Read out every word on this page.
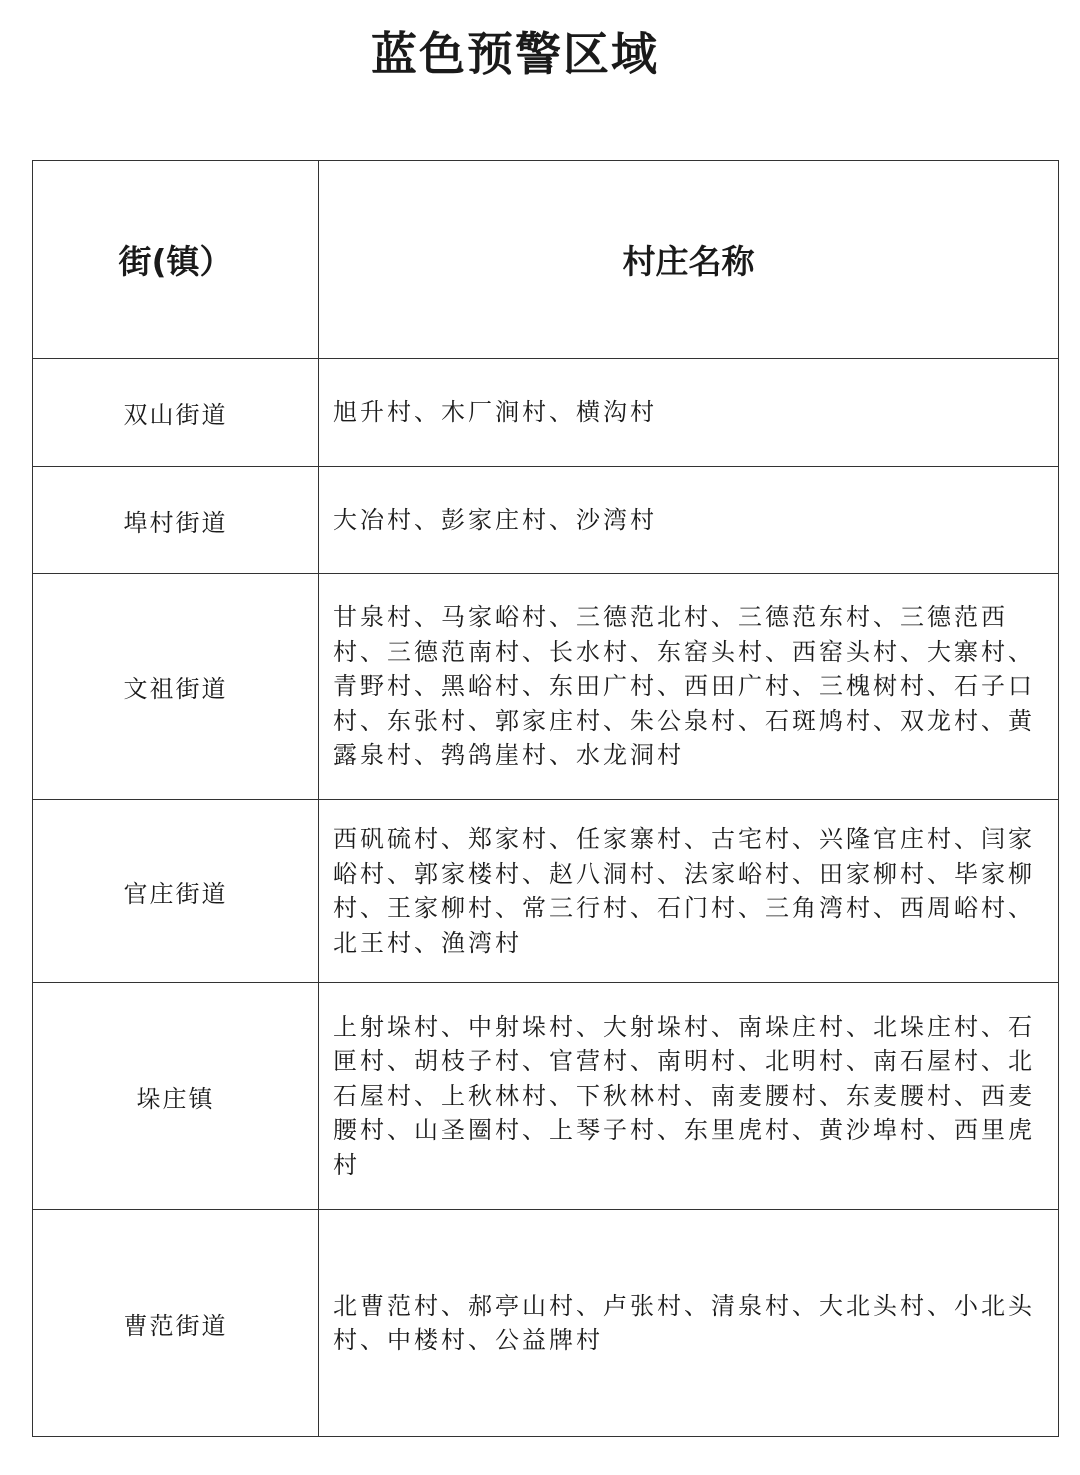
蓝色预警区域
街(镇）	村庄名称
双山街道	旭升村、木厂涧村、横沟村
埠村街道	大冶村、彭家庄村、沙湾村
文祖街道	甘泉村、马家峪村、三德范北村、三德范东村、三德范西村、三德范南村、长水村、东窑头村、西窑头村、大寨村、青野村、黑峪村、东田广村、西田广村、三槐树村、石子口村、东张村、郭家庄村、朱公泉村、石斑鸠村、双龙村、黄露泉村、鹁鸽崖村、水龙洞村
官庄街道	西矾硫村、郑家村、任家寨村、古宅村、兴隆官庄村、闫家峪村、郭家楼村、赵八洞村、法家峪村、田家柳村、毕家柳村、王家柳村、常三行村、石门村、三角湾村、西周峪村、北王村、渔湾村
垛庄镇	上射垛村、中射垛村、大射垛村、南垛庄村、北垛庄村、石匣村、胡枝子村、官营村、南明村、北明村、南石屋村、北石屋村、上秋林村、下秋林村、南麦腰村、东麦腰村、西麦腰村、山圣圈村、上琴子村、东里虎村、黄沙埠村、西里虎村
曹范街道	北曹范村、郝亭山村、卢张村、清泉村、大北头村、小北头村、中楼村、公益牌村
